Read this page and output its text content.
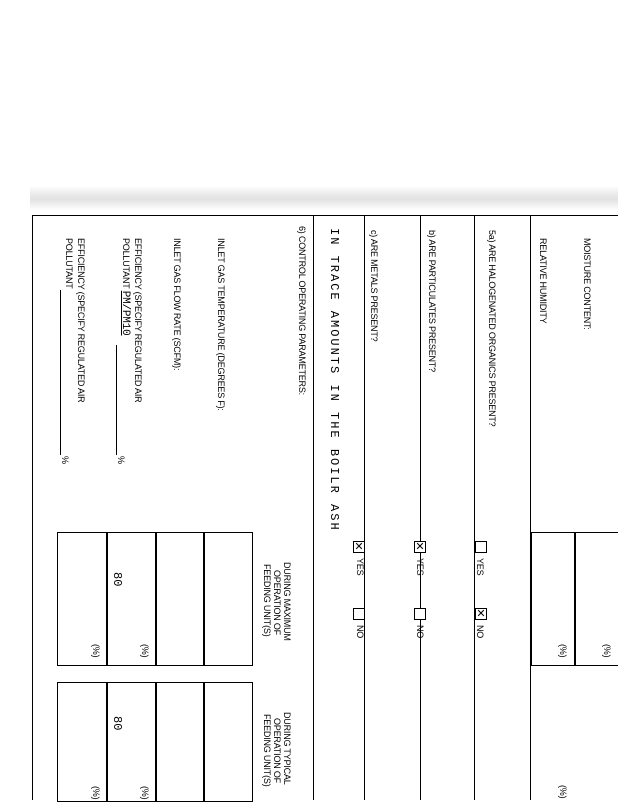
MOISTURE CONTENT:
RELATIVE HUMIDITY
(%)
(%)
(%)
5a) ARE HALOGENATED ORGANICS PRESENT?
YES
✕
NO
b) ARE PARTICULATES PRESENT?
✕
YES
NO
c) ARE METALS PRESENT?
✕
YES
NO
IN TRACE AMOUNTS IN THE BOILR ASH
6) CONTROL OPERATING PARAMETERS:
DURING MAXIMUM
OPERATION OF
FEEDING UNIT(S)
DURING TYPICAL
OPERATION OF
FEEDING UNIT(S)
INLET GAS TEMPERATURE (DEGREES F):
INLET GAS FLOW RATE (SCFM):
EFFICIENCY (SPECIFY REGULATED AIR
POLLUTANT PM/PM10
%
EFFICIENCY (SPECIFY REGULATED AIR
POLLUTANT
%
80
(%)
(%)
80
(%)
(%)
